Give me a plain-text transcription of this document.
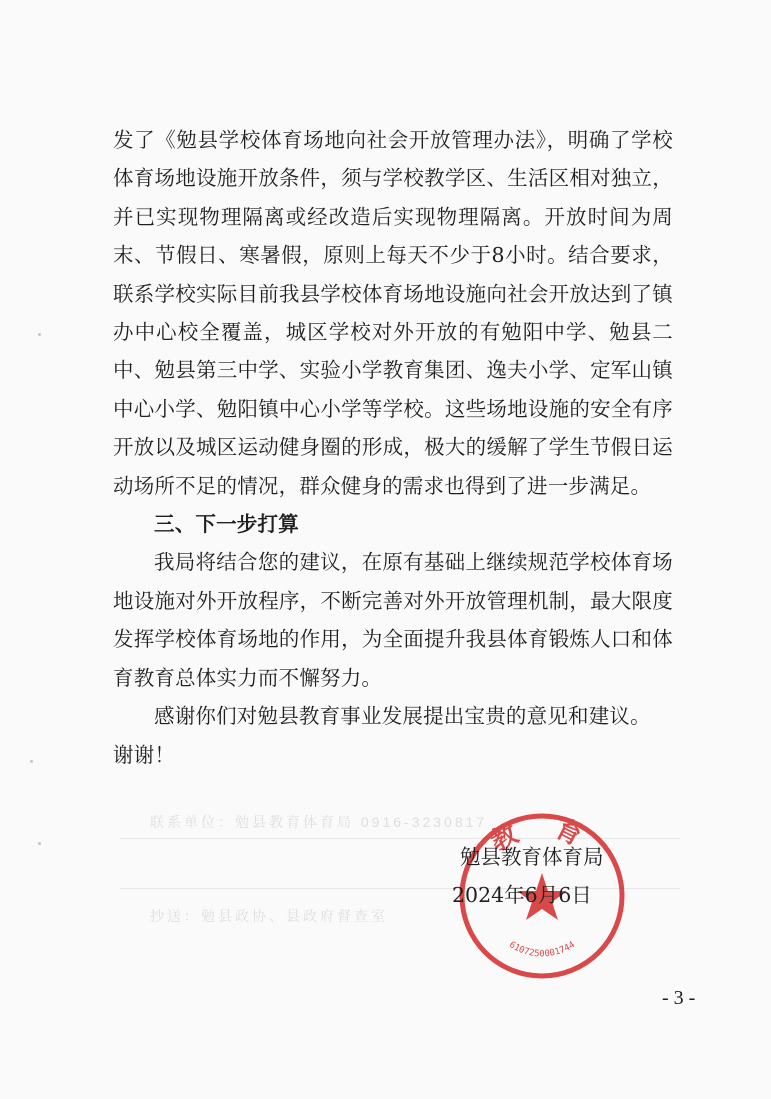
联系单位：勉县教育体育局 0916-3230817
抄送：勉县政协、县政府督查室

发了《勉县学校体育场地向社会开放管理办法》，明确了学校体育场地设施开放条件，须与学校教学区、生活区相对独立，并已实现物理隔离或经改造后实现物理隔离。开放时间为周末、节假日、寒暑假，原则上每天不少于8小时。结合要求，联系学校实际目前我县学校体育场地设施向社会开放达到了镇办中心校全覆盖，城区学校对外开放的有勉阳中学、勉县二中、勉县第三中学、实验小学教育集团、逸夫小学、定军山镇中心小学、勉阳镇中心小学等学校。这些场地设施的安全有序开放以及城区运动健身圈的形成，极大的缓解了学生节假日运动场所不足的情况，群众健身的需求也得到了进一步满足。

三、下一步打算

我局将结合您的建议，在原有基础上继续规范学校体育场地设施对外开放程序，不断完善对外开放管理机制，最大限度发挥学校体育场地的作用，为全面提升我县体育锻炼人口和体育教育总体实力而不懈努力。

感谢你们对勉县教育事业发展提出宝贵的意见和建议。

谢谢！

教 育
6107250001744
勉县教育体育局
2024年6月6日
- 3 -
